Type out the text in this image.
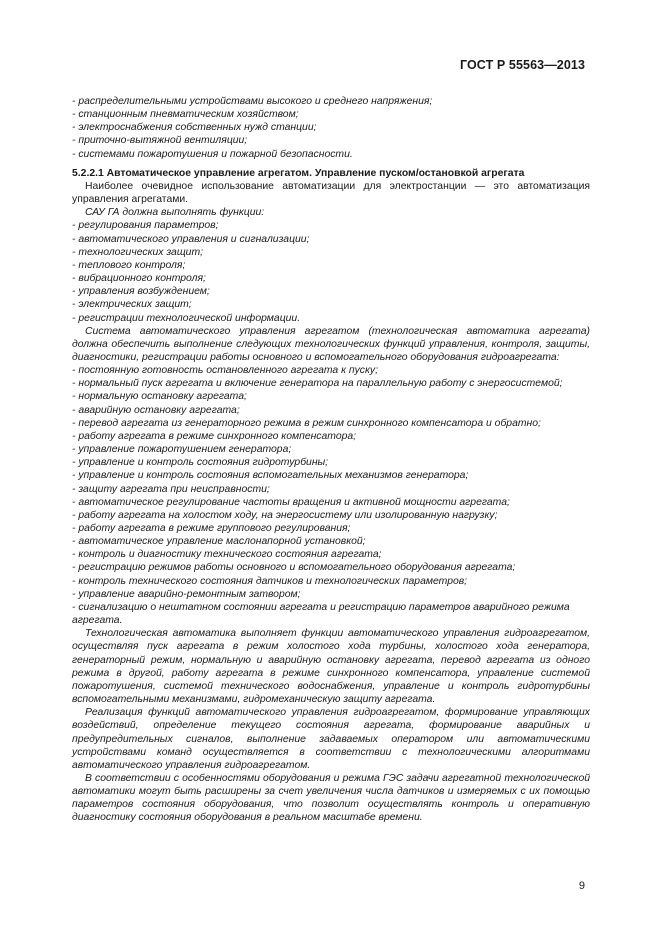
ГОСТ Р 55563—2013
- распределительными устройствами высокого и среднего напряжения;
- станционным пневматическим хозяйством;
- электроснабжения собственных нужд станции;
- приточно-вытяжной вентиляции;
- системами пожаротушения и пожарной безопасности.

5.2.2.1 Автоматическое управление агрегатом. Управление пуском/остановкой агрегата

Наиболее очевидное использование автоматизации для электростанции — это автоматизация управления агрегатами.

САУ ГА должна выполнять функции:

- регулирования параметров;
- автоматического управления и сигнализации;
- технологических защит;
- теплового контроля;
- вибрационного контроля;
- управления возбуждением;
- электрических защит;
- регистрации технологической информации.

Система автоматического управления агрегатом (технологическая автоматика агрегата) должна обеспечить выполнение следующих технологических функций управления, контроля, защиты, диагностики, регистрации работы основного и вспомогательного оборудования гидроагрегата:

- постоянную готовность остановленного агрегата к пуску;
- нормальный пуск агрегата и включение генератора на параллельную работу с энергосистемой;
- нормальную остановку агрегата;
- аварийную остановку агрегата;
- перевод агрегата из генераторного режима в режим синхронного компенсатора и обратно;
- работу агрегата в режиме синхронного компенсатора;
- управление пожаротушением генератора;
- управление и контроль состояния гидротурбины;
- управление и контроль состояния вспомогательных механизмов генератора;
- защиту агрегата при неисправности;
- автоматическое регулирование частоты вращения и активной мощности агрегата;
- работу агрегата на холостом ходу, на энергосистему или изолированную нагрузку;
- работу агрегата в режиме группового регулирования;
- автоматическое управление маслонапорной установкой;
- контроль и диагностику технического состояния агрегата;
- регистрацию режимов работы основного и вспомогательного оборудования агрегата;
- контроль технического состояния датчиков и технологических параметров;
- управление аварийно-ремонтным затвором;
- сигнализацию о нештатном состоянии агрегата и регистрацию параметров аварийного режима агрегата.

Технологическая автоматика выполняет функции автоматического управления гидроагрегатом, осуществляя пуск агрегата в режим холостого хода турбины, холостого хода генератора, генераторный режим, нормальную и аварийную остановку агрегата, перевод агрегата из одного режима в другой, работу агрегата в режиме синхронного компенсатора, управление системой пожаротушения, системой технического водоснабжения, управление и контроль гидротурбины вспомогательными механизмами, гидромеханическую защиту агрегата.

Реализация функций автоматического управления гидроагрегатом, формирование управляющих воздействий, определение текущего состояния агрегата, формирование аварийных и предупредительных сигналов, выполнение задаваемых оператором или автоматическими устройствами команд осуществляется в соответствии с технологическими алгоритмами автоматического управления гидроагрегатом.

В соответствии с особенностями оборудования и режима ГЭС задачи агрегатной технологической автоматики могут быть расширены за счет увеличения числа датчиков и измеряемых с их помощью параметров состояния оборудования, что позволит осуществлять контроль и оперативную диагностику состояния оборудования в реальном масштабе времени.

9
